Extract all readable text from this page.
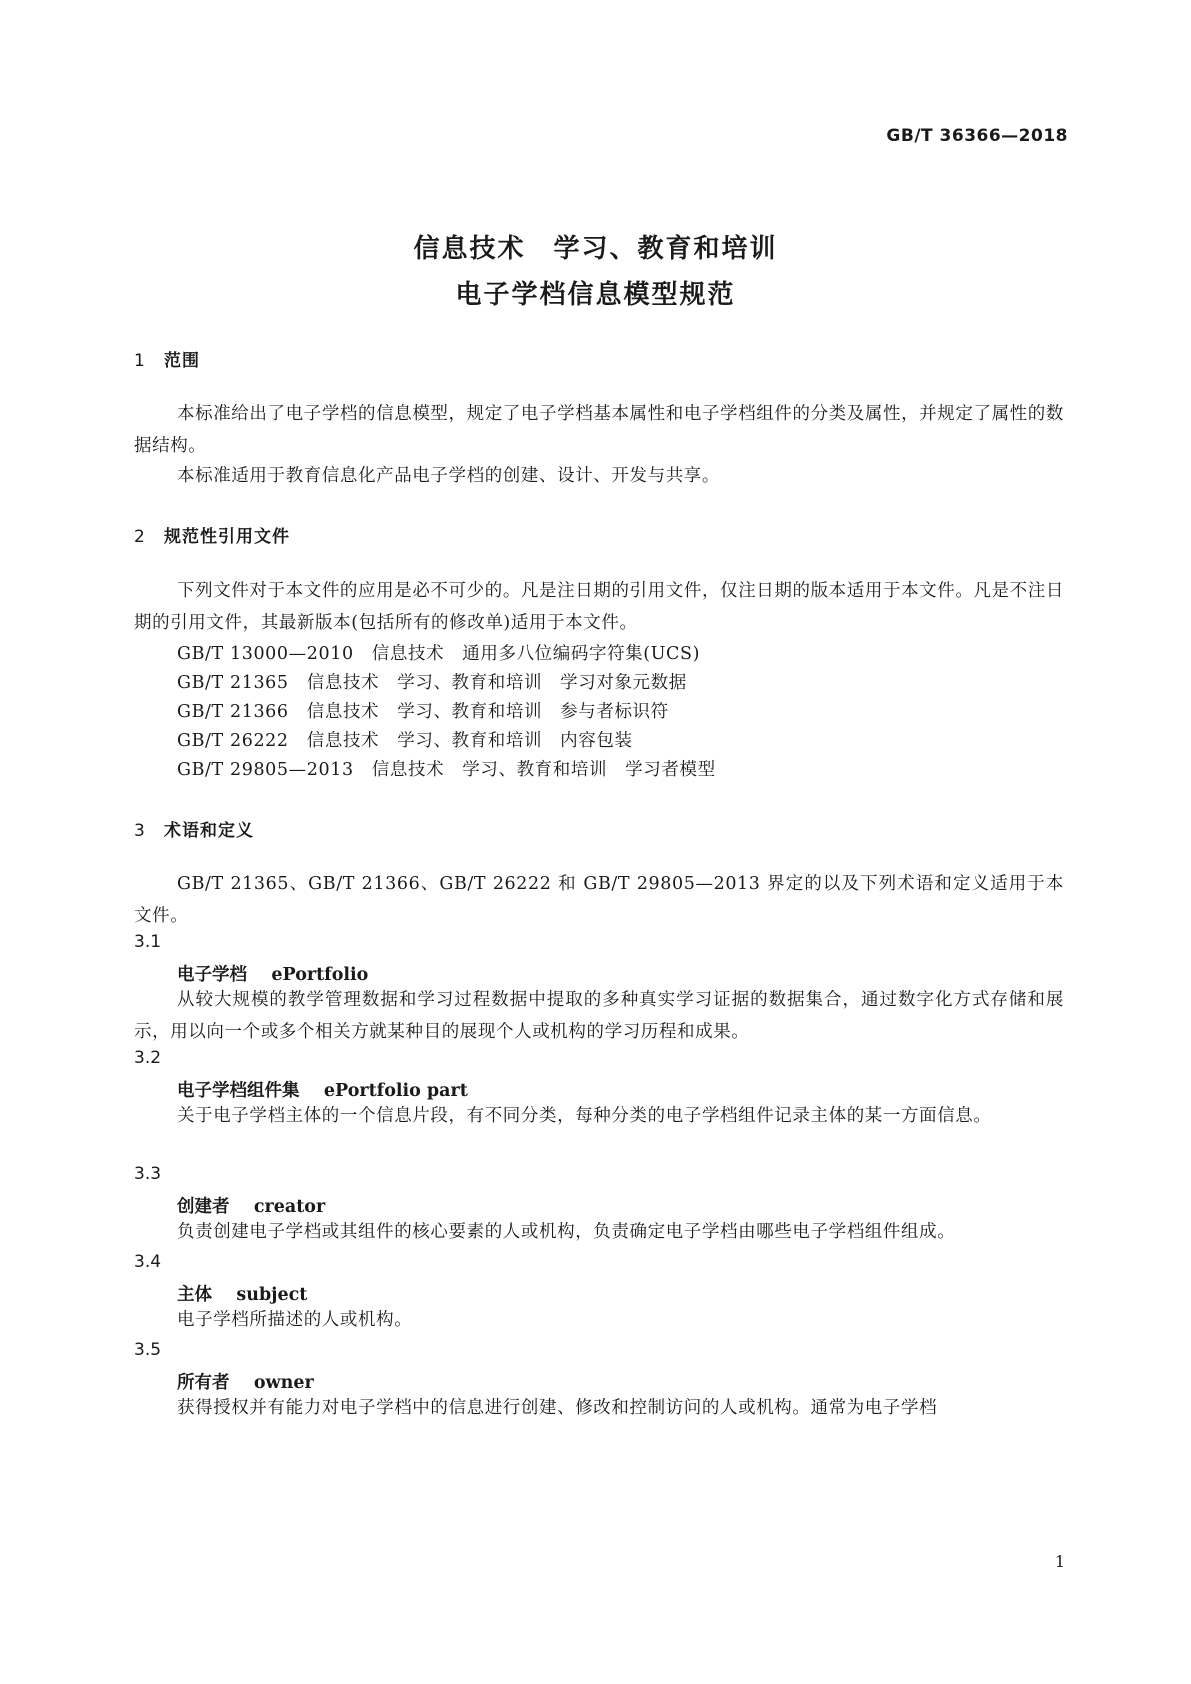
GB/T 36366—2018
信息技术　学习、教育和培训
电子学档信息模型规范
1 范围
本标准给出了电子学档的信息模型，规定了电子学档基本属性和电子学档组件的分类及属性，并规定了属性的数据结构。
本标准适用于教育信息化产品电子学档的创建、设计、开发与共享。
2 规范性引用文件
下列文件对于本文件的应用是必不可少的。凡是注日期的引用文件，仅注日期的版本适用于本文件。凡是不注日期的引用文件，其最新版本(包括所有的修改单)适用于本文件。
GB/T 13000—2010　信息技术　通用多八位编码字符集(UCS)
GB/T 21365　信息技术　学习、教育和培训　学习对象元数据
GB/T 21366　信息技术　学习、教育和培训　参与者标识符
GB/T 26222　信息技术　学习、教育和培训　内容包装
GB/T 29805—2013　信息技术　学习、教育和培训　学习者模型
3 术语和定义
GB/T 21365、GB/T 21366、GB/T 26222 和 GB/T 29805—2013 界定的以及下列术语和定义适用于本文件。
3.1
电子学档 ePortfolio
从较大规模的教学管理数据和学习过程数据中提取的多种真实学习证据的数据集合，通过数字化方式存储和展示，用以向一个或多个相关方就某种目的展现个人或机构的学习历程和成果。
3.2
电子学档组件集 ePortfolio part
关于电子学档主体的一个信息片段，有不同分类，每种分类的电子学档组件记录主体的某一方面信息。
3.3
创建者 creator
负责创建电子学档或其组件的核心要素的人或机构，负责确定电子学档由哪些电子学档组件组成。
3.4
主体 subject
电子学档所描述的人或机构。
3.5
所有者 owner
获得授权并有能力对电子学档中的信息进行创建、修改和控制访问的人或机构。通常为电子学档
1
